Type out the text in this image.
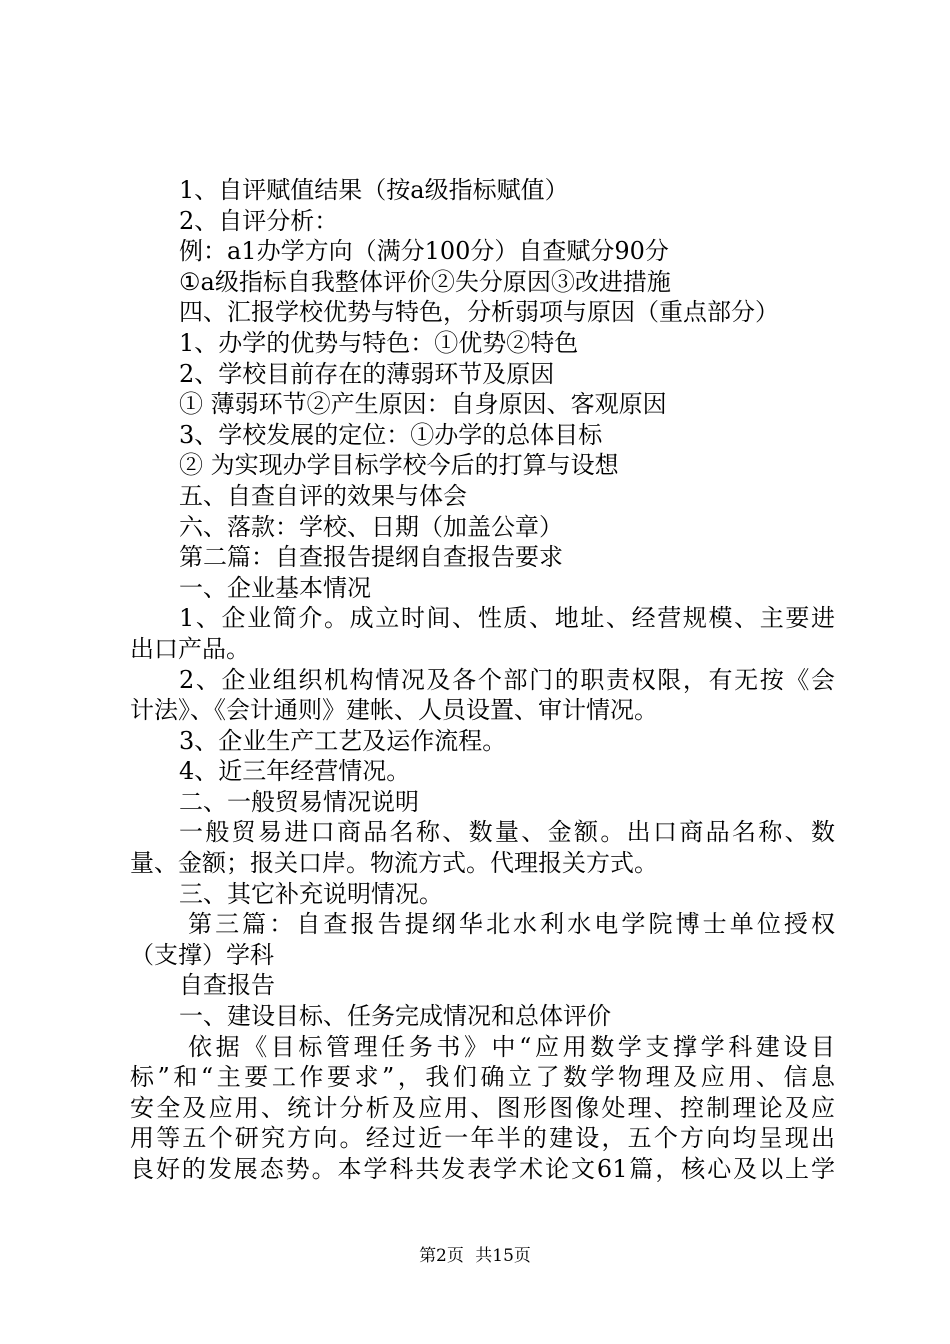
1、自评赋值结果（按a级指标赋值）
2、自评分析：
例：a1办学方向（满分100分）自查赋分90分
①a级指标自我整体评价②失分原因③改进措施
四、汇报学校优势与特色，分析弱项与原因（重点部分）
1、办学的优势与特色：①优势②特色
2、学校目前存在的薄弱环节及原因
① 薄弱环节②产生原因：自身原因、客观原因
3、学校发展的定位：①办学的总体目标
② 为实现办学目标学校今后的打算与设想
五、自查自评的效果与体会
六、落款：学校、日期（加盖公章）
第二篇：自查报告提纲自查报告要求
一、企业基本情况
1、企业简介。成立时间、性质、地址、经营规模、主要进
出口产品。
2、企业组织机构情况及各个部门的职责权限，有无按《会
计法》、《会计通则》建帐、人员设置、审计情况。
3、企业生产工艺及运作流程。
4、近三年经营情况。
二、一般贸易情况说明
一般贸易进口商品名称、数量、金额。出口商品名称、数
量、金额；报关口岸。物流方式。代理报关方式。
三、其它补充说明情况。
第三篇：自查报告提纲华北水利水电学院博士单位授权
（支撑）学科
自查报告
一、建设目标、任务完成情况和总体评价
依据《目标管理任务书》中“应用数学支撑学科建设目
标”和“主要工作要求”，我们确立了数学物理及应用、信息
安全及应用、统计分析及应用、图形图像处理、控制理论及应
用等五个研究方向。经过近一年半的建设，五个方向均呈现出
良好的发展态势。本学科共发表学术论文61篇，核心及以上学
第2页 共15页
